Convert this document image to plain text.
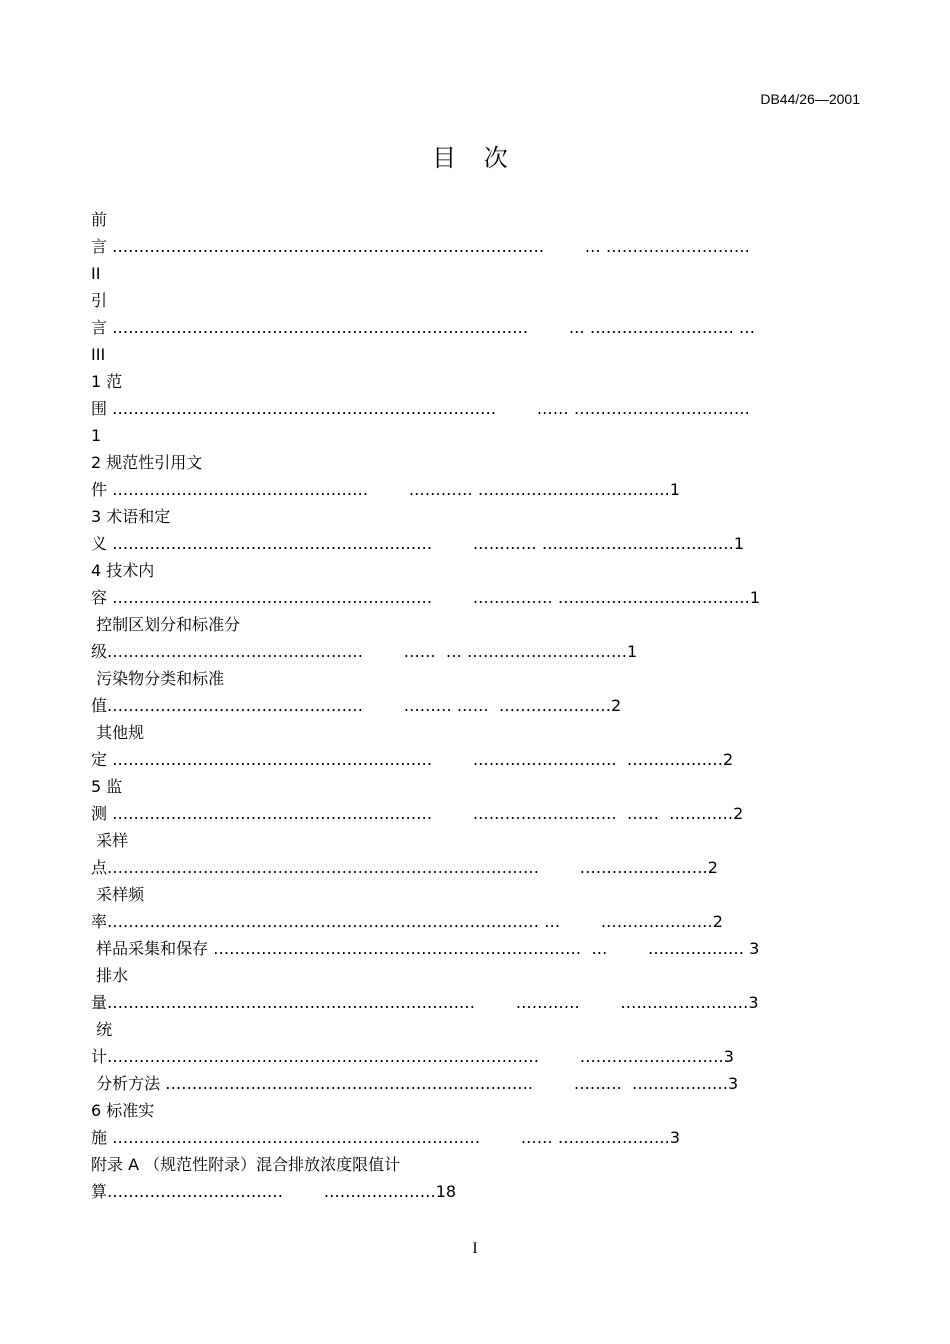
DB44/26—2001
目 次
前
言 ………………………………………………………………………        … ………………………
II
引
言 ……………………………………………………………………        … ……………………… …
III
1 范
围 ………………………………………………………………        …… ……………………………
1
2 规范性引用文
件 …………………………………………        ………… ………………………………1
3 术语和定
义 ……………………………………………………        ………… ………………………………1
4 技术内
容 ……………………………………………………        …………… ………………………………1
控制区划分和标准分
级…………………………………………        ……  … …………………………1
污染物分类和标准
值…………………………………………        ……… ……  …………………2
其他规
定 ……………………………………………………        ………………………  ………………2
5 监
测 ……………………………………………………        ………………………  ……  …………2
采样
点………………………………………………………………………        ……………………2
采样频
率……………………………………………………………………… …        …………………2
样品采集和保存 ……………………………………………………………  …        ……………… 3
排水
量……………………………………………………………        …………        ……………………3
统
计………………………………………………………………………        ………………………3
分析方法 ……………………………………………………………        ………  ………………3
6 标准实
施 ……………………………………………………………        …… …………………3
附录 A （规范性附录）混合排放浓度限值计
算……………………………        …………………18
I
